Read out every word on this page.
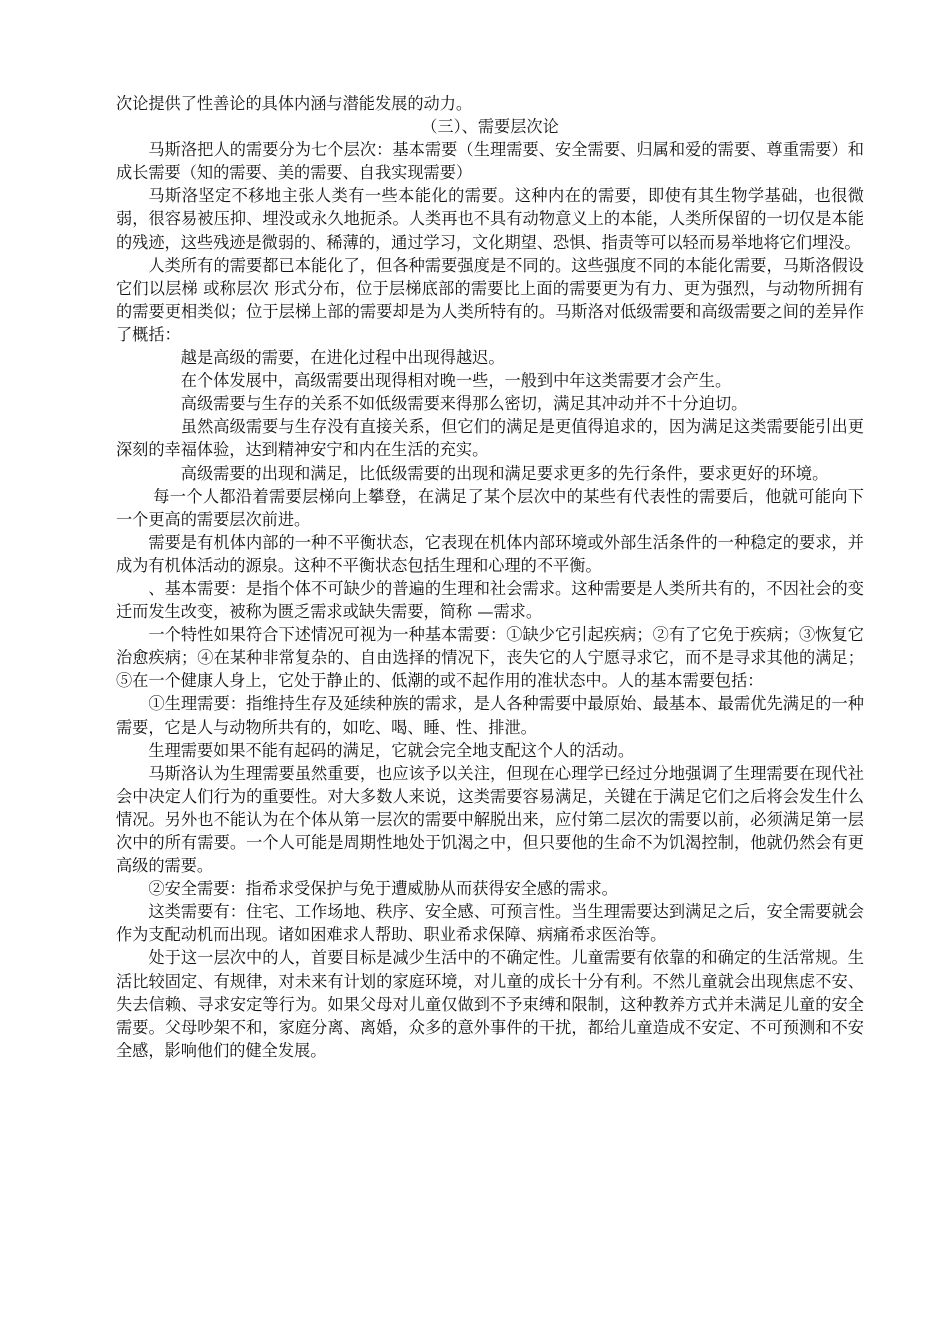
次论提供了性善论的具体内涵与潜能发展的动力。

（三）、需要层次论

马斯洛把人的需要分为七个层次：基本需要（生理需要、安全需要、归属和爱的需要、尊重需要）和成长需要（知的需要、美的需要、自我实现需要）

马斯洛坚定不移地主张人类有一些本能化的需要。这种内在的需要，即使有其生物学基础，也很微弱，很容易被压抑、埋没或永久地扼杀。人类再也不具有动物意义上的本能，人类所保留的一切仅是本能的残迹，这些残迹是微弱的、稀薄的，通过学习，文化期望、恐惧、指责等可以轻而易举地将它们埋没。

人类所有的需要都已本能化了，但各种需要强度是不同的。这些强度不同的本能化需要，马斯洛假设它们以层梯 或称层次 形式分布，位于层梯底部的需要比上面的需要更为有力、更为强烈，与动物所拥有的需要更相类似；位于层梯上部的需要却是为人类所特有的。马斯洛对低级需要和高级需要之间的差异作了概括：

越是高级的需要，在进化过程中出现得越迟。

在个体发展中，高级需要出现得相对晚一些，一般到中年这类需要才会产生。

高级需要与生存的关系不如低级需要来得那么密切，满足其冲动并不十分迫切。

虽然高级需要与生存没有直接关系，但它们的满足是更值得追求的，因为满足这类需要能引出更深刻的幸福体验，达到精神安宁和内在生活的充实。

高级需要的出现和满足，比低级需要的出现和满足要求更多的先行条件，要求更好的环境。

每一个人都沿着需要层梯向上攀登，在满足了某个层次中的某些有代表性的需要后，他就可能向下一个更高的需要层次前进。

需要是有机体内部的一种不平衡状态，它表现在机体内部环境或外部生活条件的一种稳定的要求，并成为有机体活动的源泉。这种不平衡状态包括生理和心理的不平衡。

、基本需要：是指个体不可缺少的普遍的生理和社会需求。这种需要是人类所共有的，不因社会的变迁而发生改变，被称为匮乏需求或缺失需要，简称 —需求。

一个特性如果符合下述情况可视为一种基本需要：①缺少它引起疾病；②有了它免于疾病；③恢复它治愈疾病；④在某种非常复杂的、自由选择的情况下，丧失它的人宁愿寻求它，而不是寻求其他的满足；⑤在一个健康人身上，它处于静止的、低潮的或不起作用的准状态中。人的基本需要包括：

①生理需要：指维持生存及延续种族的需求，是人各种需要中最原始、最基本、最需优先满足的一种需要，它是人与动物所共有的，如吃、喝、睡、性、排泄。

生理需要如果不能有起码的满足，它就会完全地支配这个人的活动。

马斯洛认为生理需要虽然重要，也应该予以关注，但现在心理学已经过分地强调了生理需要在现代社会中决定人们行为的重要性。对大多数人来说，这类需要容易满足，关键在于满足它们之后将会发生什么情况。另外也不能认为在个体从第一层次的需要中解脱出来，应付第二层次的需要以前，必须满足第一层次中的所有需要。一个人可能是周期性地处于饥渴之中，但只要他的生命不为饥渴控制，他就仍然会有更高级的需要。

②安全需要：指希求受保护与免于遭威胁从而获得安全感的需求。

这类需要有：住宅、工作场地、秩序、安全感、可预言性。当生理需要达到满足之后，安全需要就会作为支配动机而出现。诸如困难求人帮助、职业希求保障、病痛希求医治等。

处于这一层次中的人，首要目标是减少生活中的不确定性。儿童需要有依靠的和确定的生活常规。生活比较固定、有规律，对未来有计划的家庭环境，对儿童的成长十分有利。不然儿童就会出现焦虑不安、失去信赖、寻求安定等行为。如果父母对儿童仅做到不予束缚和限制，这种教养方式并未满足儿童的安全需要。父母吵架不和，家庭分离、离婚，众多的意外事件的干扰，都给儿童造成不安定、不可预测和不安全感，影响他们的健全发展。
